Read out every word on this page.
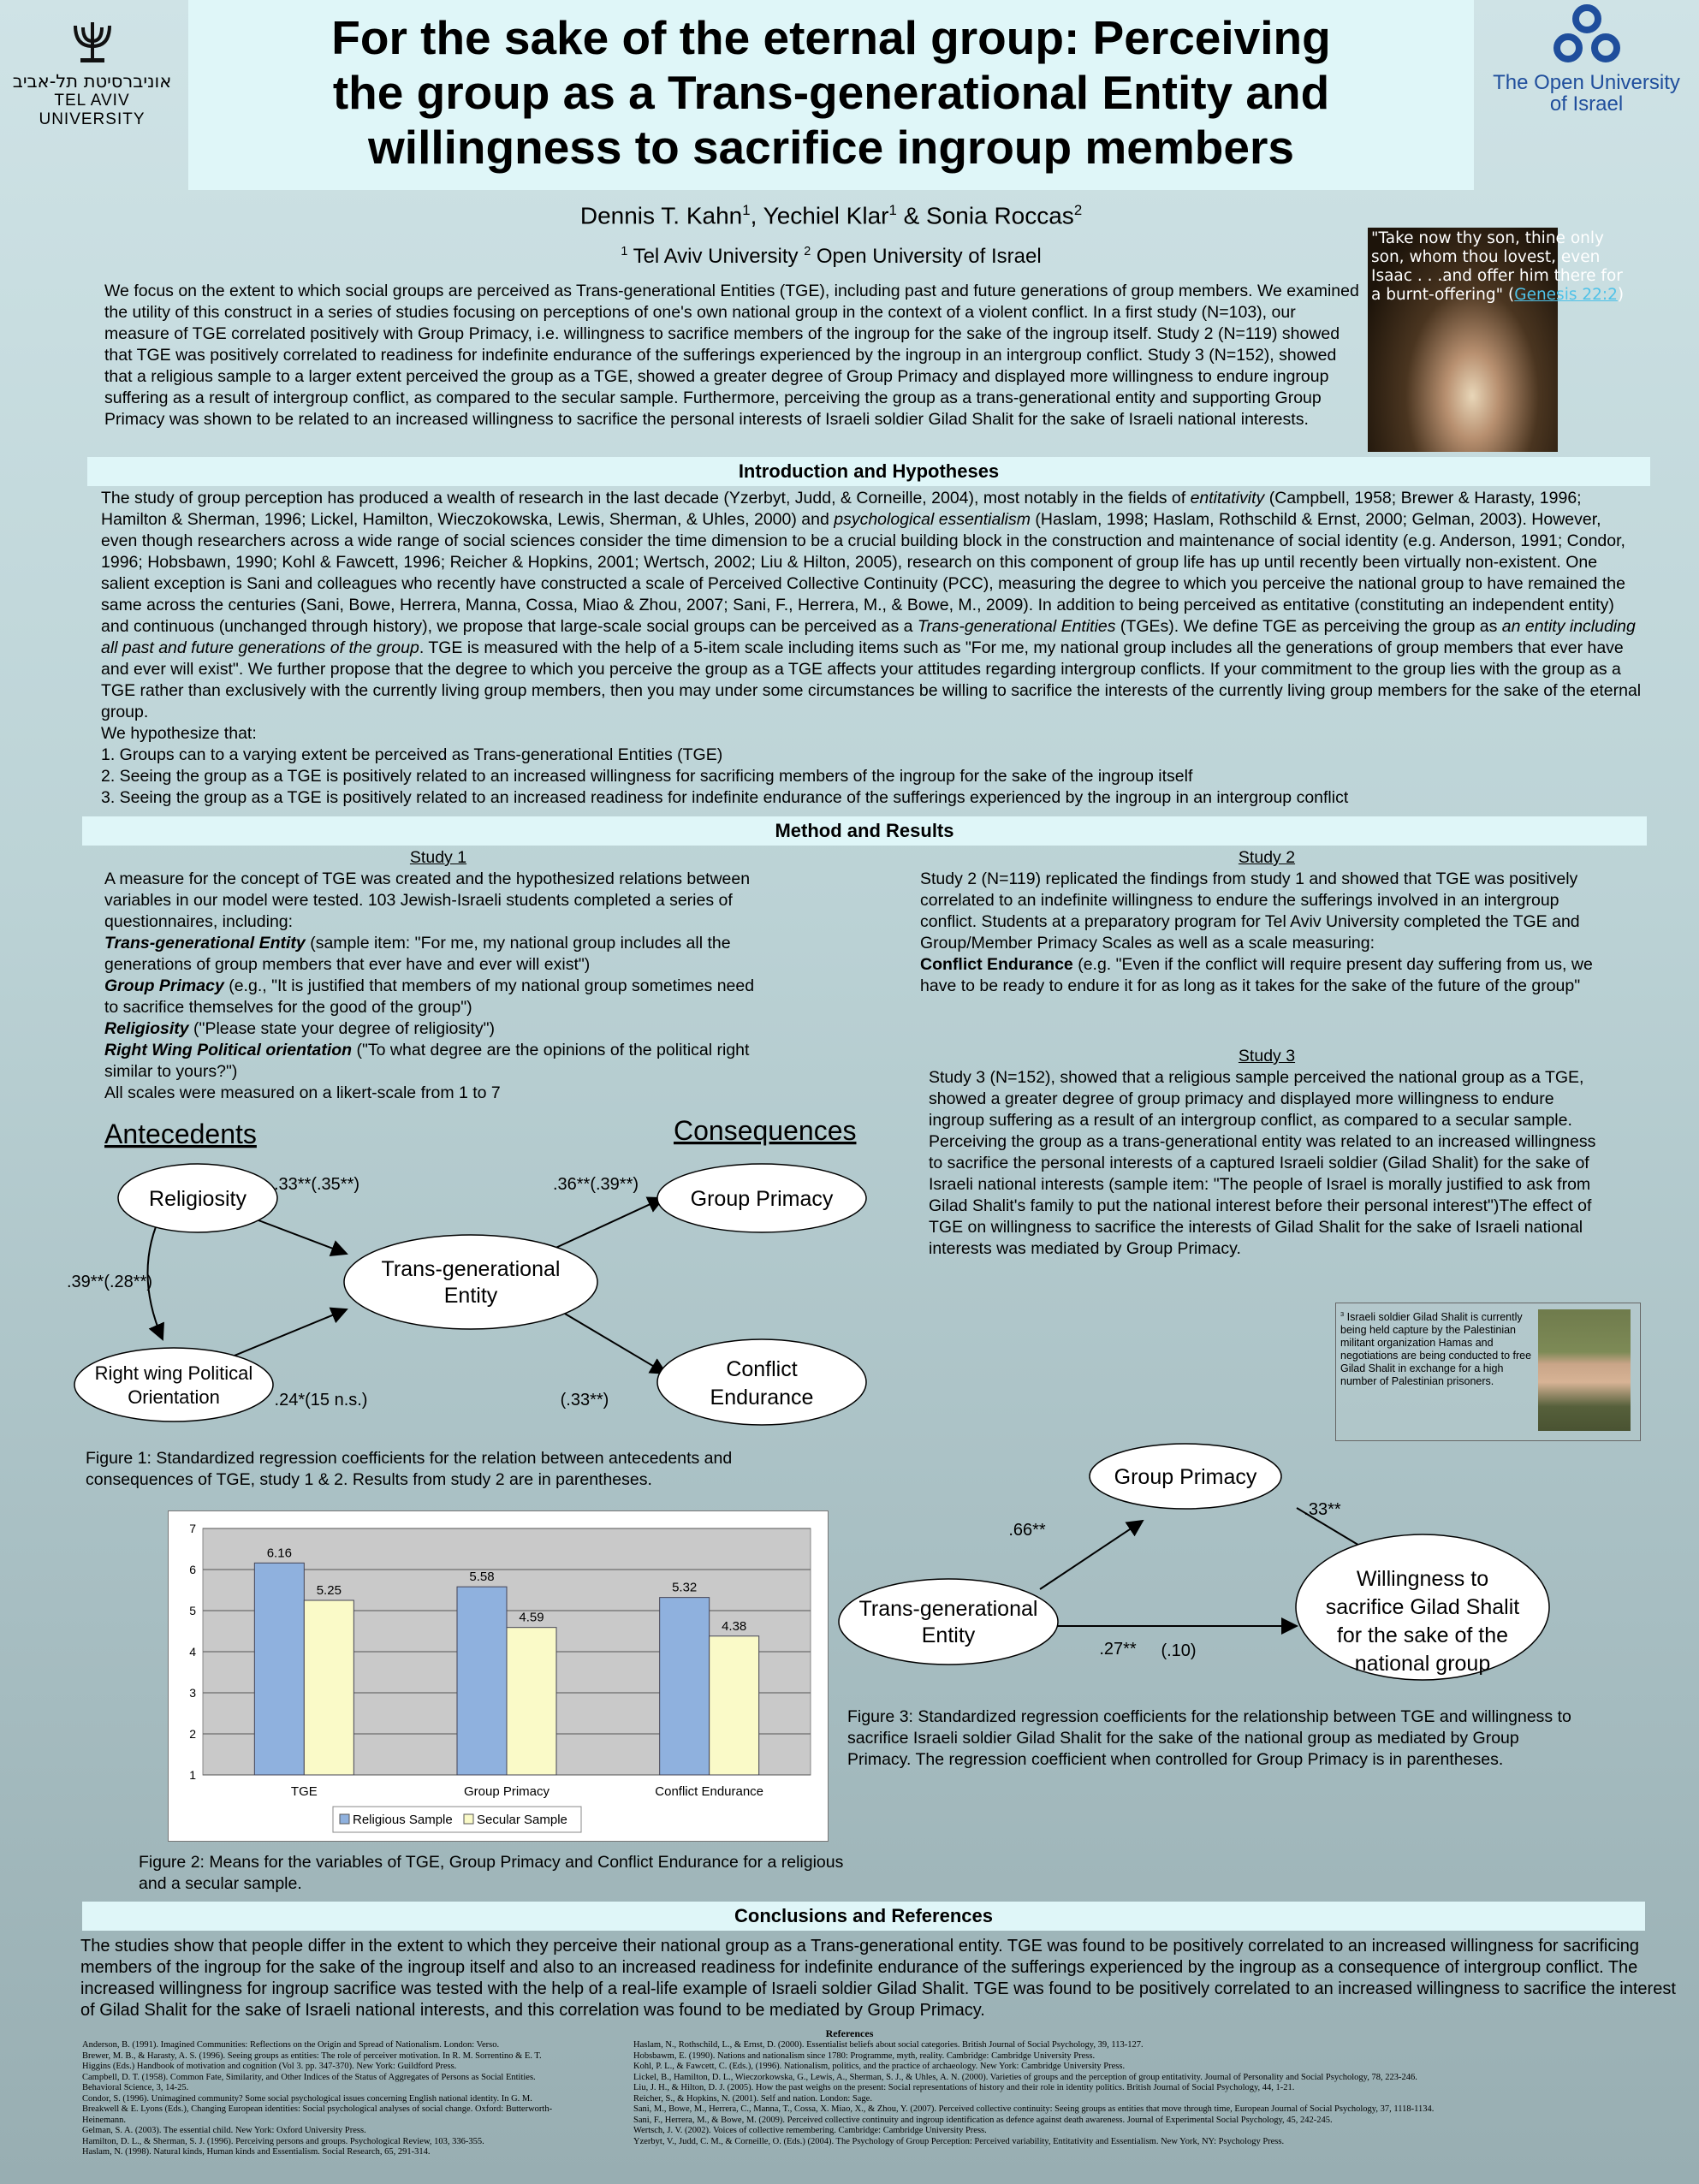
For the sake of the eternal group: Perceiving
the group as a Trans-generational Entity and
willingness to sacrifice ingroup members
אוניברסיטת תל-אביב
TEL AVIV UNIVERSITY
The Open University
of Israel
Dennis T. Kahn$^1$, Yechiel Klar$^1$ & Sonia Roccas$^2$
$^1$ Tel Aviv University $^2$ Open University of Israel
"Take now thy son, thine only son, whom thou lovest, even Isaac . . .and offer him there for a burnt-offering" (Genesis 22:2)
We focus on the extent to which social groups are perceived as Trans-generational Entities (TGE), including past and future generations of group members. We examined the utility of this construct in a series of studies focusing on perceptions of one's own national group in the context of a violent conflict. In a first study (N=103), our measure of TGE correlated positively with Group Primacy, i.e. willingness to sacrifice members of the ingroup for the sake of the ingroup itself. Study 2 (N=119) showed that TGE was positively correlated to readiness for indefinite endurance of the sufferings experienced by the ingroup in an intergroup conflict. Study 3 (N=152), showed that a religious sample to a larger extent perceived the group as a TGE, showed a greater degree of Group Primacy and displayed more willingness to endure ingroup suffering as a result of intergroup conflict, as compared to the secular sample. Furthermore, perceiving the group as a trans-generational entity and supporting Group Primacy was shown to be related to an increased willingness to sacrifice the personal interests of Israeli soldier Gilad Shalit for the sake of Israeli national interests.
Introduction and Hypotheses
The study of group perception has produced a wealth of research in the last decade (Yzerbyt, Judd, & Corneille, 2004), most notably in the fields of entitativity (Campbell, 1958; Brewer & Harasty, 1996; Hamilton & Sherman, 1996; Lickel, Hamilton, Wieczokowska, Lewis, Sherman, & Uhles, 2000) and psychological essentialism (Haslam, 1998; Haslam, Rothschild & Ernst, 2000; Gelman, 2003). However, even though researchers across a wide range of social sciences consider the time dimension to be a crucial building block in the construction and maintenance of social identity (e.g. Anderson, 1991; Condor, 1996; Hobsbawn, 1990; Kohl & Fawcett, 1996; Reicher & Hopkins, 2001; Wertsch, 2002; Liu & Hilton, 2005), research on this component of group life has up until recently been virtually non-existent. One salient exception is Sani and colleagues who recently have constructed a scale of Perceived Collective Continuity (PCC), measuring the degree to which you perceive the national group to have remained the same across the centuries (Sani, Bowe, Herrera, Manna, Cossa, Miao & Zhou, 2007; Sani, F., Herrera, M., & Bowe, M., 2009). In addition to being perceived as entitative (constituting an independent entity) and continuous (unchanged through history), we propose that large-scale social groups can be perceived as a Trans-generational Entities (TGEs). We define TGE as perceiving the group as an entity including all past and future generations of the group. TGE is measured with the help of a 5-item scale including items such as "For me, my national group includes all the generations of group members that ever have and ever will exist". We further propose that the degree to which you perceive the group as a TGE affects your attitudes regarding intergroup conflicts. If your commitment to the group lies with the group as a TGE rather than exclusively with the currently living group members, then you may under some circumstances be willing to sacrifice the interests of the currently living group members for the sake of the eternal group.
We hypothesize that:
1. Groups can to a varying extent be perceived as Trans-generational Entities (TGE)
2. Seeing the group as a TGE is positively related to an increased willingness for sacrificing members of the ingroup for the sake of the ingroup itself
3. Seeing the group as a TGE is positively related to an increased readiness for indefinite endurance of the sufferings experienced by the ingroup in an intergroup conflict
Method and Results
Study 1
A measure for the concept of TGE was created and the hypothesized relations between variables in our model were tested. 103 Jewish-Israeli students completed a series of questionnaires, including:
Trans-generational Entity (sample item: "For me, my national group includes all the generations of group members that ever have and ever will exist")
Group Primacy (e.g., "It is justified that members of my national group sometimes need to sacrifice themselves for the good of the group")
Religiosity ("Please state your degree of religiosity")
Right Wing Political orientation ("To what degree are the opinions of the political right similar to yours?")
All scales were measured on a likert-scale from 1 to 7
Study 2
Study 2 (N=119) replicated the findings from study 1 and showed that TGE was positively correlated to an indefinite willingness to endure the sufferings involved in an intergroup conflict. Students at a preparatory program for Tel Aviv University completed the TGE and Group/Member Primacy Scales as well as a scale measuring:
Conflict Endurance (e.g. "Even if the conflict will require present day suffering from us, we have to be ready to endure it for as long as it takes for the sake of the future of the group"
Study 3
Study 3 (N=152), showed that a religious sample perceived the national group as a TGE, showed a greater degree of group primacy and displayed more willingness to endure ingroup suffering as a result of an intergroup conflict, as compared to a secular sample. Perceiving the group as a trans-generational entity was related to an increased willingness to sacrifice the personal interests of a captured Israeli soldier (Gilad Shalit) for the sake of Israeli national interests (sample item: "The people of Israel is morally justified to ask from Gilad Shalit's family to put the national interest before their personal interest")The effect of TGE on willingness to sacrifice the interests of Gilad Shalit for the sake of Israeli national interests was mediated by Group Primacy.
$^3$ Israeli soldier Gilad Shalit is currently being held capture by the Palestinian militant organization Hamas and negotiations are being conducted to free Gilad Shalit in exchange for a high number of Palestinian prisoners.
Antecedents	Consequences
Religiosity
Right wing Political
Orientation
Trans-generational
Entity
Group Primacy
Conflict
Endurance
.33**(.35**)	.36**(.39**)
.39**(.28**)
.24*(15 n.s.)	(.33**)
Figure 1: Standardized regression coefficients for the relation between antecedents and consequences of TGE, study 1 & 2. Results from study 2 are in parentheses.
1
2
3
4
5
6
7
6.16
5.25
TGE
5.58
4.59
Group Primacy
5.32
4.38
Conflict Endurance
Religious Sample Secular Sample
Figure 2: Means for the variables of TGE, Group Primacy and Conflict Endurance for a religious and a secular sample.
Group Primacy
Trans-generational
Entity
Willingness to
sacrifice Gilad Shalit
for the sake of the
national group
.66**
.33**
.27** (.10)
Figure 3: Standardized regression coefficients for the relationship between TGE and willingness to sacrifice Israeli soldier Gilad Shalit for the sake of the national group as mediated by Group Primacy. The regression coefficient when controlled for Group Primacy is in parentheses.
Conclusions and References
The studies show that people differ in the extent to which they perceive their national group as a Trans-generational entity. TGE was found to be positively correlated to an increased willingness for sacrificing members of the ingroup for the sake of the ingroup itself and also to an increased readiness for indefinite endurance of the sufferings experienced by the ingroup as a consequence of intergroup conflict. The increased willingness for ingroup sacrifice was tested with the help of a real-life example of Israeli soldier Gilad Shalit. TGE was found to be positively correlated to an increased willingness to sacrifice the interest of Gilad Shalit for the sake of Israeli national interests, and this correlation was found to be mediated by Group Primacy.
References

Anderson, B. (1991). Imagined Communities: Reflections on the Origin and Spread of Nationalism. London: Verso.

Brewer, M. B., & Harasty, A. S. (1996). Seeing groups as entities: The role of perceiver motivation. In R. M. Sorrentino & E. T. Higgins (Eds.) Handbook of motivation and cognition (Vol 3. pp. 347-370). New York: Guildford Press.

Campbell, D. T. (1958). Common Fate, Similarity, and Other Indices of the Status of Aggregates of Persons as Social Entities. Behavioral Science, 3, 14-25.

Condor, S. (1996). Unimagined community? Some social psychological issues concerning English national identity. In G. M. Breakwell & E. Lyons (Eds.), Changing European identities: Social psychological analyses of social change. Oxford: Butterworth-Heinemann.

Gelman, S. A. (2003). The essential child. New York: Oxford University Press.

Hamilton, D. L., & Sherman, S. J. (1996). Perceiving persons and groups. Psychological Review, 103, 336-355.

Haslam, N. (1998). Natural kinds, Human kinds and Essentialism. Social Research, 65, 291-314.

Haslam, N., Rothschild, L., & Ernst, D. (2000). Essentialist beliefs about social categories. British Journal of Social Psychology, 39, 113-127.

Hobsbawm, E. (1990). Nations and nationalism since 1780: Programme, myth, reality. Cambridge: Cambridge University Press.

Kohl, P. L., & Fawcett, C. (Eds.), (1996). Nationalism, politics, and the practice of archaeology. New York: Cambridge University Press.

Lickel, B., Hamilton, D. L., Wieczorkowska, G., Lewis, A., Sherman, S. J., & Uhles, A. N. (2000). Varieties of groups and the perception of group entitativity. Journal of Personality and Social Psychology, 78, 223-246.

Liu, J. H., & Hilton, D. J. (2005). How the past weighs on the present: Social representations of history and their role in identity politics. British Journal of Social Psychology, 44, 1-21.

Reicher, S., & Hopkins, N. (2001). Self and nation. London: Sage.

Sani, M., Bowe, M., Herrera, C., Manna, T., Cossa, X. Miao, X., & Zhou, Y. (2007). Perceived collective continuity: Seeing groups as entities that move through time, European Journal of Social Psychology, 37, 1118-1134.

Sani, F., Herrera, M., & Bowe, M. (2009). Perceived collective continuity and ingroup identification as defence against death awareness. Journal of Experimental Social Psychology, 45, 242-245.

Wertsch, J. V. (2002). Voices of collective remembering. Cambridge: Cambridge University Press.

Yzerbyt, V., Judd, C. M., & Corneille, O. (Eds.) (2004). The Psychology of Group Perception: Perceived variability, Entitativity and Essentialism. New York, NY: Psychology Press.
